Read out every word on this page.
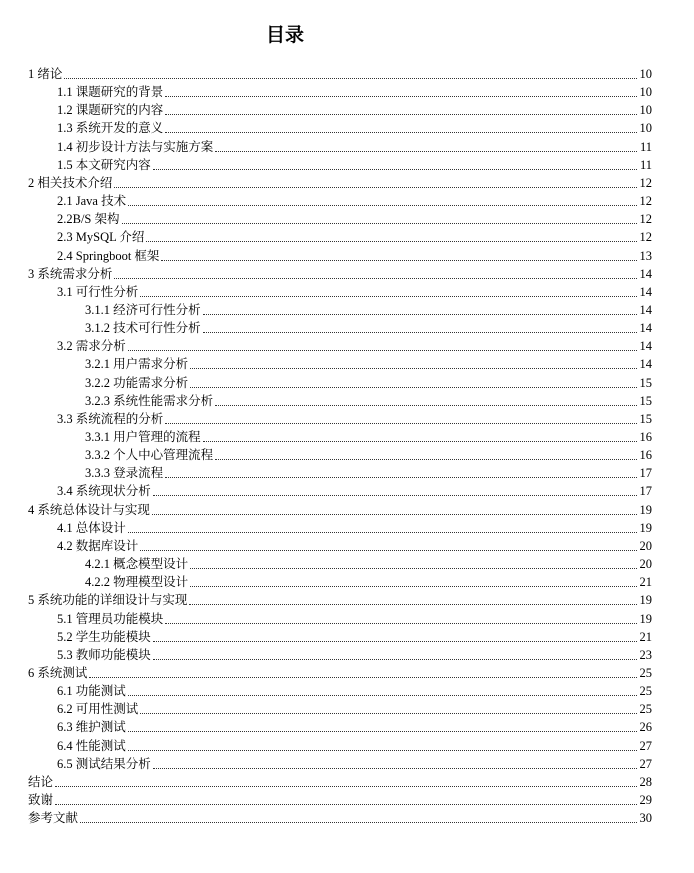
目录
1 绪论	10
1.1 课题研究的背景	10
1.2 课题研究的内容	10
1.3 系统开发的意义	10
1.4 初步设计方法与实施方案	11
1.5 本文研究内容	11
2 相关技术介绍	12
2.1 Java 技术	12
2.2B/S 架构	12
2.3 MySQL 介绍	12
2.4 Springboot 框架	13
3 系统需求分析	14
3.1 可行性分析	14
3.1.1 经济可行性分析	14
3.1.2 技术可行性分析	14
3.2 需求分析	14
3.2.1 用户需求分析	14
3.2.2 功能需求分析	15
3.2.3 系统性能需求分析	15
3.3 系统流程的分析	15
3.3.1 用户管理的流程	16
3.3.2 个人中心管理流程	16
3.3.3 登录流程	17
3.4 系统现状分析	17
4 系统总体设计与实现	19
4.1 总体设计	19
4.2 数据库设计	20
4.2.1 概念模型设计	20
4.2.2 物理模型设计	21
5 系统功能的详细设计与实现	19
5.1 管理员功能模块	19
5.2 学生功能模块	21
5.3 教师功能模块	23
6 系统测试	25
6.1 功能测试	25
6.2 可用性测试	25
6.3 维护测试	26
6.4 性能测试	27
6.5 测试结果分析	27
结论	28
致谢	29
参考文献	30
